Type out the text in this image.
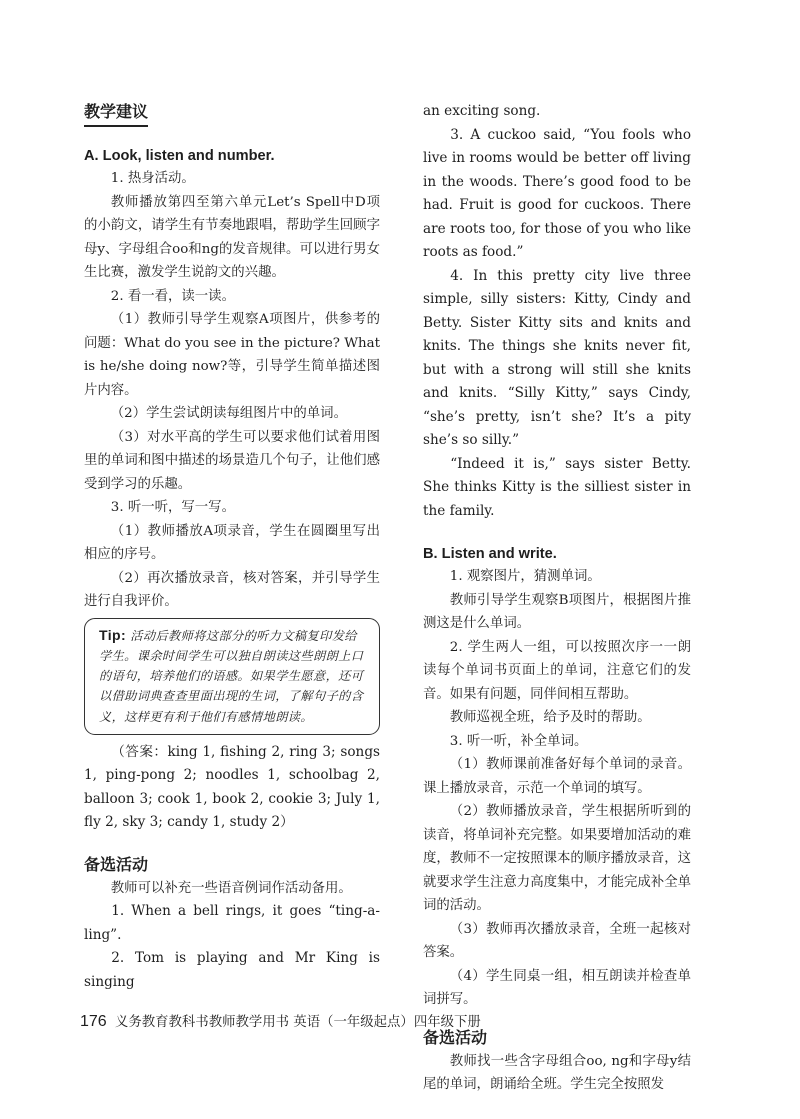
教学建议
A. Look, listen and number.

1. 热身活动。

教师播放第四至第六单元Let’s Spell中D项的小韵文，请学生有节奏地跟唱，帮助学生回顾字母y、字母组合oo和ng的发音规律。可以进行男女生比赛，激发学生说韵文的兴趣。

2. 看一看，读一读。

（1）教师引导学生观察A项图片，供参考的问题：What do you see in the picture? What is he/she doing now?等，引导学生简单描述图片内容。

（2）学生尝试朗读每组图片中的单词。

（3）对水平高的学生可以要求他们试着用图里的单词和图中描述的场景造几个句子，让他们感受到学习的乐趣。

3. 听一听，写一写。

（1）教师播放A项录音，学生在圆圈里写出相应的序号。

（2）再次播放录音，核对答案，并引导学生进行自我评价。

Tip: 活动后教师将这部分的听力文稿复印发给学生。课余时间学生可以独自朗读这些朗朗上口的语句，培养他们的语感。如果学生愿意，还可以借助词典查查里面出现的生词，了解句子的含义，这样更有利于他们有感情地朗读。

（答案：king 1, fishing 2, ring 3; songs 1, ping-pong 2; noodles 1, schoolbag 2, balloon 3; cook 1, book 2, cookie 3; July 1, fly 2, sky 3; candy 1, study 2）

备选活动

教师可以补充一些语音例词作活动备用。

1. When a bell rings, it goes “ting-a-ling”.

2. Tom is playing and Mr King is singing

an exciting song.

3. A cuckoo said, “You fools who live in rooms would be better off living in the woods. There’s good food to be had. Fruit is good for cuckoos. There are roots too, for those of you who like roots as food.”

4. In this pretty city live three simple, silly sisters: Kitty, Cindy and Betty. Sister Kitty sits and knits and knits. The things she knits never fit, but with a strong will still she knits and knits. “Silly Kitty,” says Cindy, “she’s pretty, isn’t she? It’s a pity she’s so silly.”

“Indeed it is,” says sister Betty. She thinks Kitty is the silliest sister in the family.

B. Listen and write.

1. 观察图片，猜测单词。

教师引导学生观察B项图片，根据图片推测这是什么单词。

2. 学生两人一组，可以按照次序一一朗读每个单词书页面上的单词，注意它们的发音。如果有问题，同伴间相互帮助。

教师巡视全班，给予及时的帮助。

3. 听一听，补全单词。

（1）教师课前准备好每个单词的录音。课上播放录音，示范一个单词的填写。

（2）教师播放录音，学生根据所听到的读音，将单词补充完整。如果要增加活动的难度，教师不一定按照课本的顺序播放录音，这就要求学生注意力高度集中，才能完成补全单词的活动。

（3）教师再次播放录音，全班一起核对答案。

（4）学生同桌一组，相互朗读并检查单词拼写。

备选活动

教师找一些含字母组合oo, ng和字母y结尾的单词，朗诵给全班。学生完全按照发

176 义务教育教科书教师教学用书 英语（一年级起点）四年级下册
